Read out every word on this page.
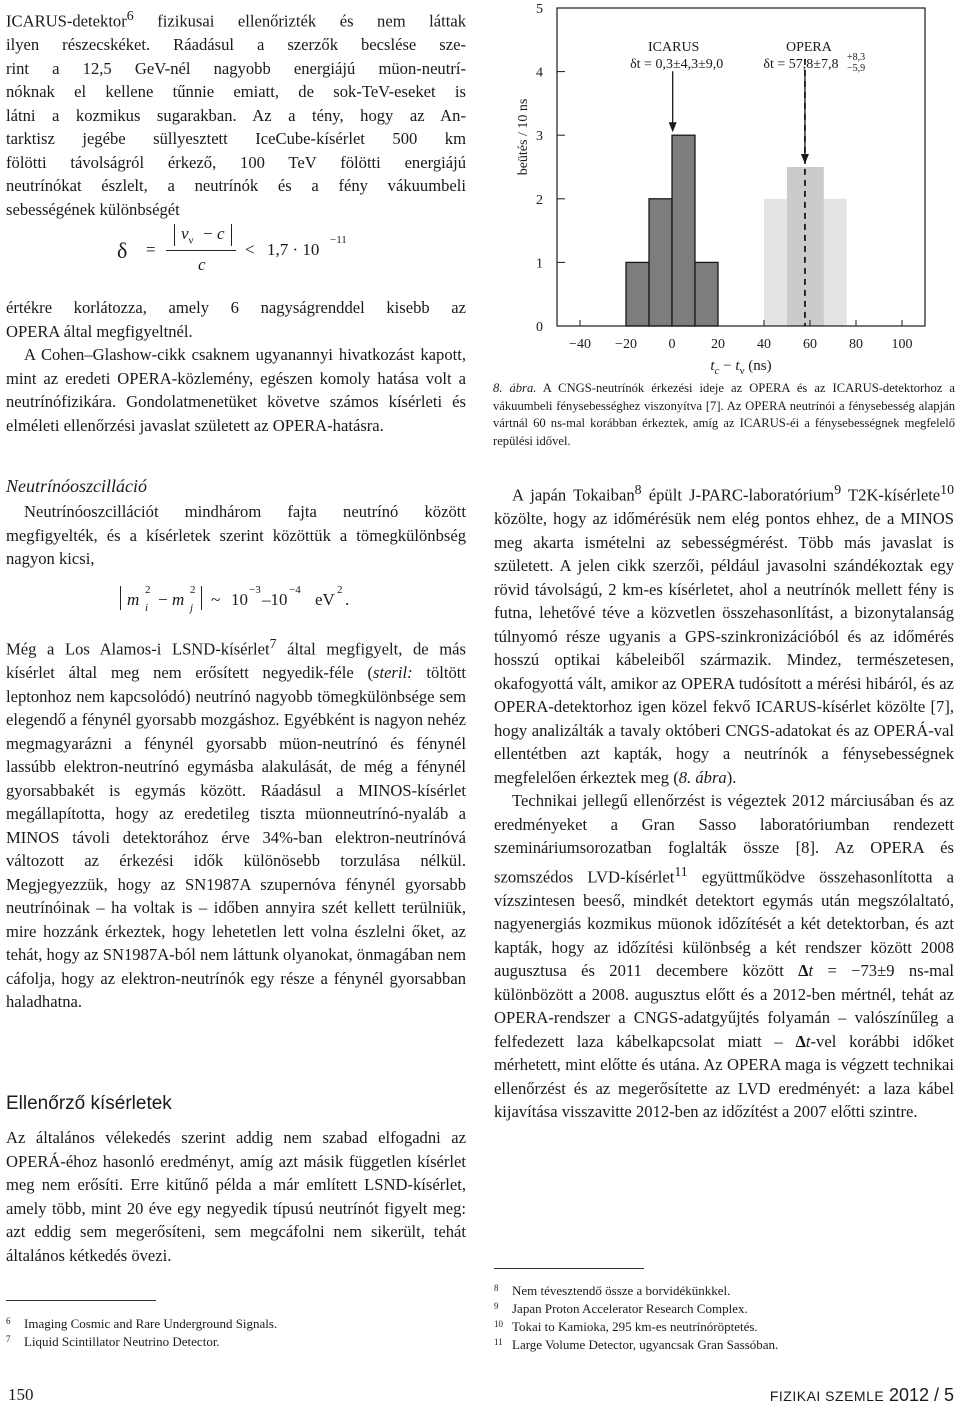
ICARUS-detektor$^6$ fizikusai ellenőrizték és nem láttak

ilyen részecskéket. Ráadásul a szerzők becslése sze-

rint a 12,5 GeV-nél nagyobb energiájú müon-neutrí-

nóknak el kellene tűnnie emiatt, de sok-TeV-eseket is

látni a kozmikus sugarakban. Az a tény, hogy az An-

tarktisz jegébe süllyesztett IceCube-kísérlet 500 km

fölötti távolságról érkező, 100 TeV fölötti energiájú

neutrínókat észlelt, a neutrínók és a fény vákuumbeli

sebességének különbségét

δ =
$v_\nu - c$
c
< 1,7 · 10 −11

értékre korlátozza, amely 6 nagyságrenddel kisebb az

OPERA által megfigyeltnél.

A Cohen–Glashow-cikk csaknem ugyanannyi hivatkozást kapott, mint az eredeti OPERA-közlemény, egészen komoly hatása volt a neutrínófizikára. Gondolatmenetüket követve számos kísérleti és elméleti ellenőrzési javaslat született az OPERA-hatásra.

Neutrínóoszcilláció

Neutrínóoszcillációt mindhárom fajta neutrínó között megfigyelték, és a kísérletek szerint közöttük a tömegkülönbség nagyon kicsi,

m 2
i − m 2
j ~ 10 −3 –10 −4 eV 2 .

Még a Los Alamos-i LSND-kísérlet$^7$ által megfigyelt, de más kísérlet által meg nem erősített negyedik-féle (steril: töltött leptonhoz nem kapcsolódó) neutrínó nagyobb tömegkülönbsége sem elegendő a fénynél gyorsabb mozgáshoz. Egyébként is nagyon nehéz megmagyarázni a fénynél gyorsabb müon-neutrínó és fénynél lassúbb elektron-neutrínó egymásba alakulását, de még a fénynél gyorsabbakét is egymás között. Ráadásul a MINOS-kísérlet megállapította, hogy az eredetileg tiszta müonneutrínó-nyaláb a MINOS távoli detektorához érve 34%-ban elektron-neutrínóvá változott az érkezési idők különösebb torzulása nélkül. Megjegyezzük, hogy az SN1987A szupernóva fénynél gyorsabb neutrínóinak – ha voltak is – időben annyira szét kellett terülniük, mire hozzánk érkeztek, hogy lehetetlen lett volna észlelni őket, az tehát, hogy az SN1987A-ból nem láttunk olyanokat, önmagában nem cáfolja, hogy az elektron-neutrínók egy része a fénynél gyorsabban haladhatna.

Ellenőrző kísérletek

Az általános vélekedés szerint addig nem szabad elfogadni az OPERÁ-éhoz hasonló eredményt, amíg azt másik független kísérlet meg nem erősíti. Erre kitűnő példa a már említett LSND-kísérlet, amely több, mint 20 éve egy negyedik típusú neutrínót figyelt meg: azt eddig sem megerősíteni, sem megcáfolni nem sikerült, tehát általános kétkedés övezi.

6 Imaging Cosmic and Rare Underground Signals.
7 Liquid Scintillator Neutrino Detector.
0
1
2
3
4
5
−40 −20 0	20 40 60 80 100
beütés / 10 ns
$t_c - t_\nu$ (ns)
ICARUS
δt = 0,3±4,3±9,0
OPERA
δt = 57,8±7,8 +8,3
−5,9
8. ábra. A CNGS-neutrínók érkezési ideje az OPERA és az ICARUS-detektorhoz a vákuumbeli fénysebességhez viszonyítva [7]. Az OPERA neutrínói a fénysebesség alapján vártnál 60 ns-mal korábban érkeztek, amíg az ICARUS-éi a fénysebességnek megfelelő repülési idővel.

A japán Tokaiban$^8$ épült J-PARC-laboratórium$^9$ T2K-kísérlete$^{10}$ közölte, hogy az időmérésük nem elég pontos ehhez, de a MINOS meg akarta ismételni az sebességmérést. Több más javaslat is született. A jelen cikk szerzői, például javasolni szándékoztak egy rövid távolságú, 2 km-es kísérletet, ahol a neutrínók mellett fény is futna, lehetővé téve a közvetlen összehasonlítást, a bizonytalanság túlnyomó része ugyanis a GPS-szinkronizációból és az időmérés hosszú optikai kábeleiből származik. Mindez, természetesen, okafogyottá vált, amikor az OPERA tudósított a mérési hibáról, és az OPERA-detektorhoz igen közel fekvő ICARUS-kísérlet közölte [7], hogy analizálták a tavaly októberi CNGS-adatokat és az OPERÁ-val ellentétben azt kapták, hogy a neutrínók a fénysebességnek megfelelően érkeztek meg (8. ábra).

Technikai jellegű ellenőrzést is végeztek 2012 márciusában és az eredményeket a Gran Sasso laboratóriumban rendezett szemináriumsorozatban foglalták össze [8]. Az OPERA és szomszédos LVD-kísérlet$^{11}$ együttműködve összehasonlította a vízszintesen beeső, mindkét detektort egymás után megszólaltató, nagyenergiás kozmikus müonok időzítését a két detektorban, és azt kapták, hogy az időzítési különbség a két rendszer között 2008 augusztusa és 2011 decembere között Δt = −73±9 ns-mal különbözött a 2008. augusztus előtt és a 2012-ben mértnél, tehát az OPERA-rendszer a CNGS-adatgyűjtés folyamán – valószínűleg a felfedezett laza kábelkapcsolat miatt – Δt-vel korábbi időket mérhetett, mint előtte és utána. Az OPERA maga is végzett technikai ellenőrzést és az megerősítette az LVD eredményét: a laza kábel kijavítása visszavitte 2012-ben az időzítést a 2007 előtti szintre.

8 Nem tévesztendő össze a borvidékünkkel.
9 Japan Proton Accelerator Research Complex.
10 Tokai to Kamioka, 295 km-es neutrínóröptetés.
11 Large Volume Detector, ugyancsak Gran Sassóban.
150	FIZIKAI SZEMLE 2012 / 5
